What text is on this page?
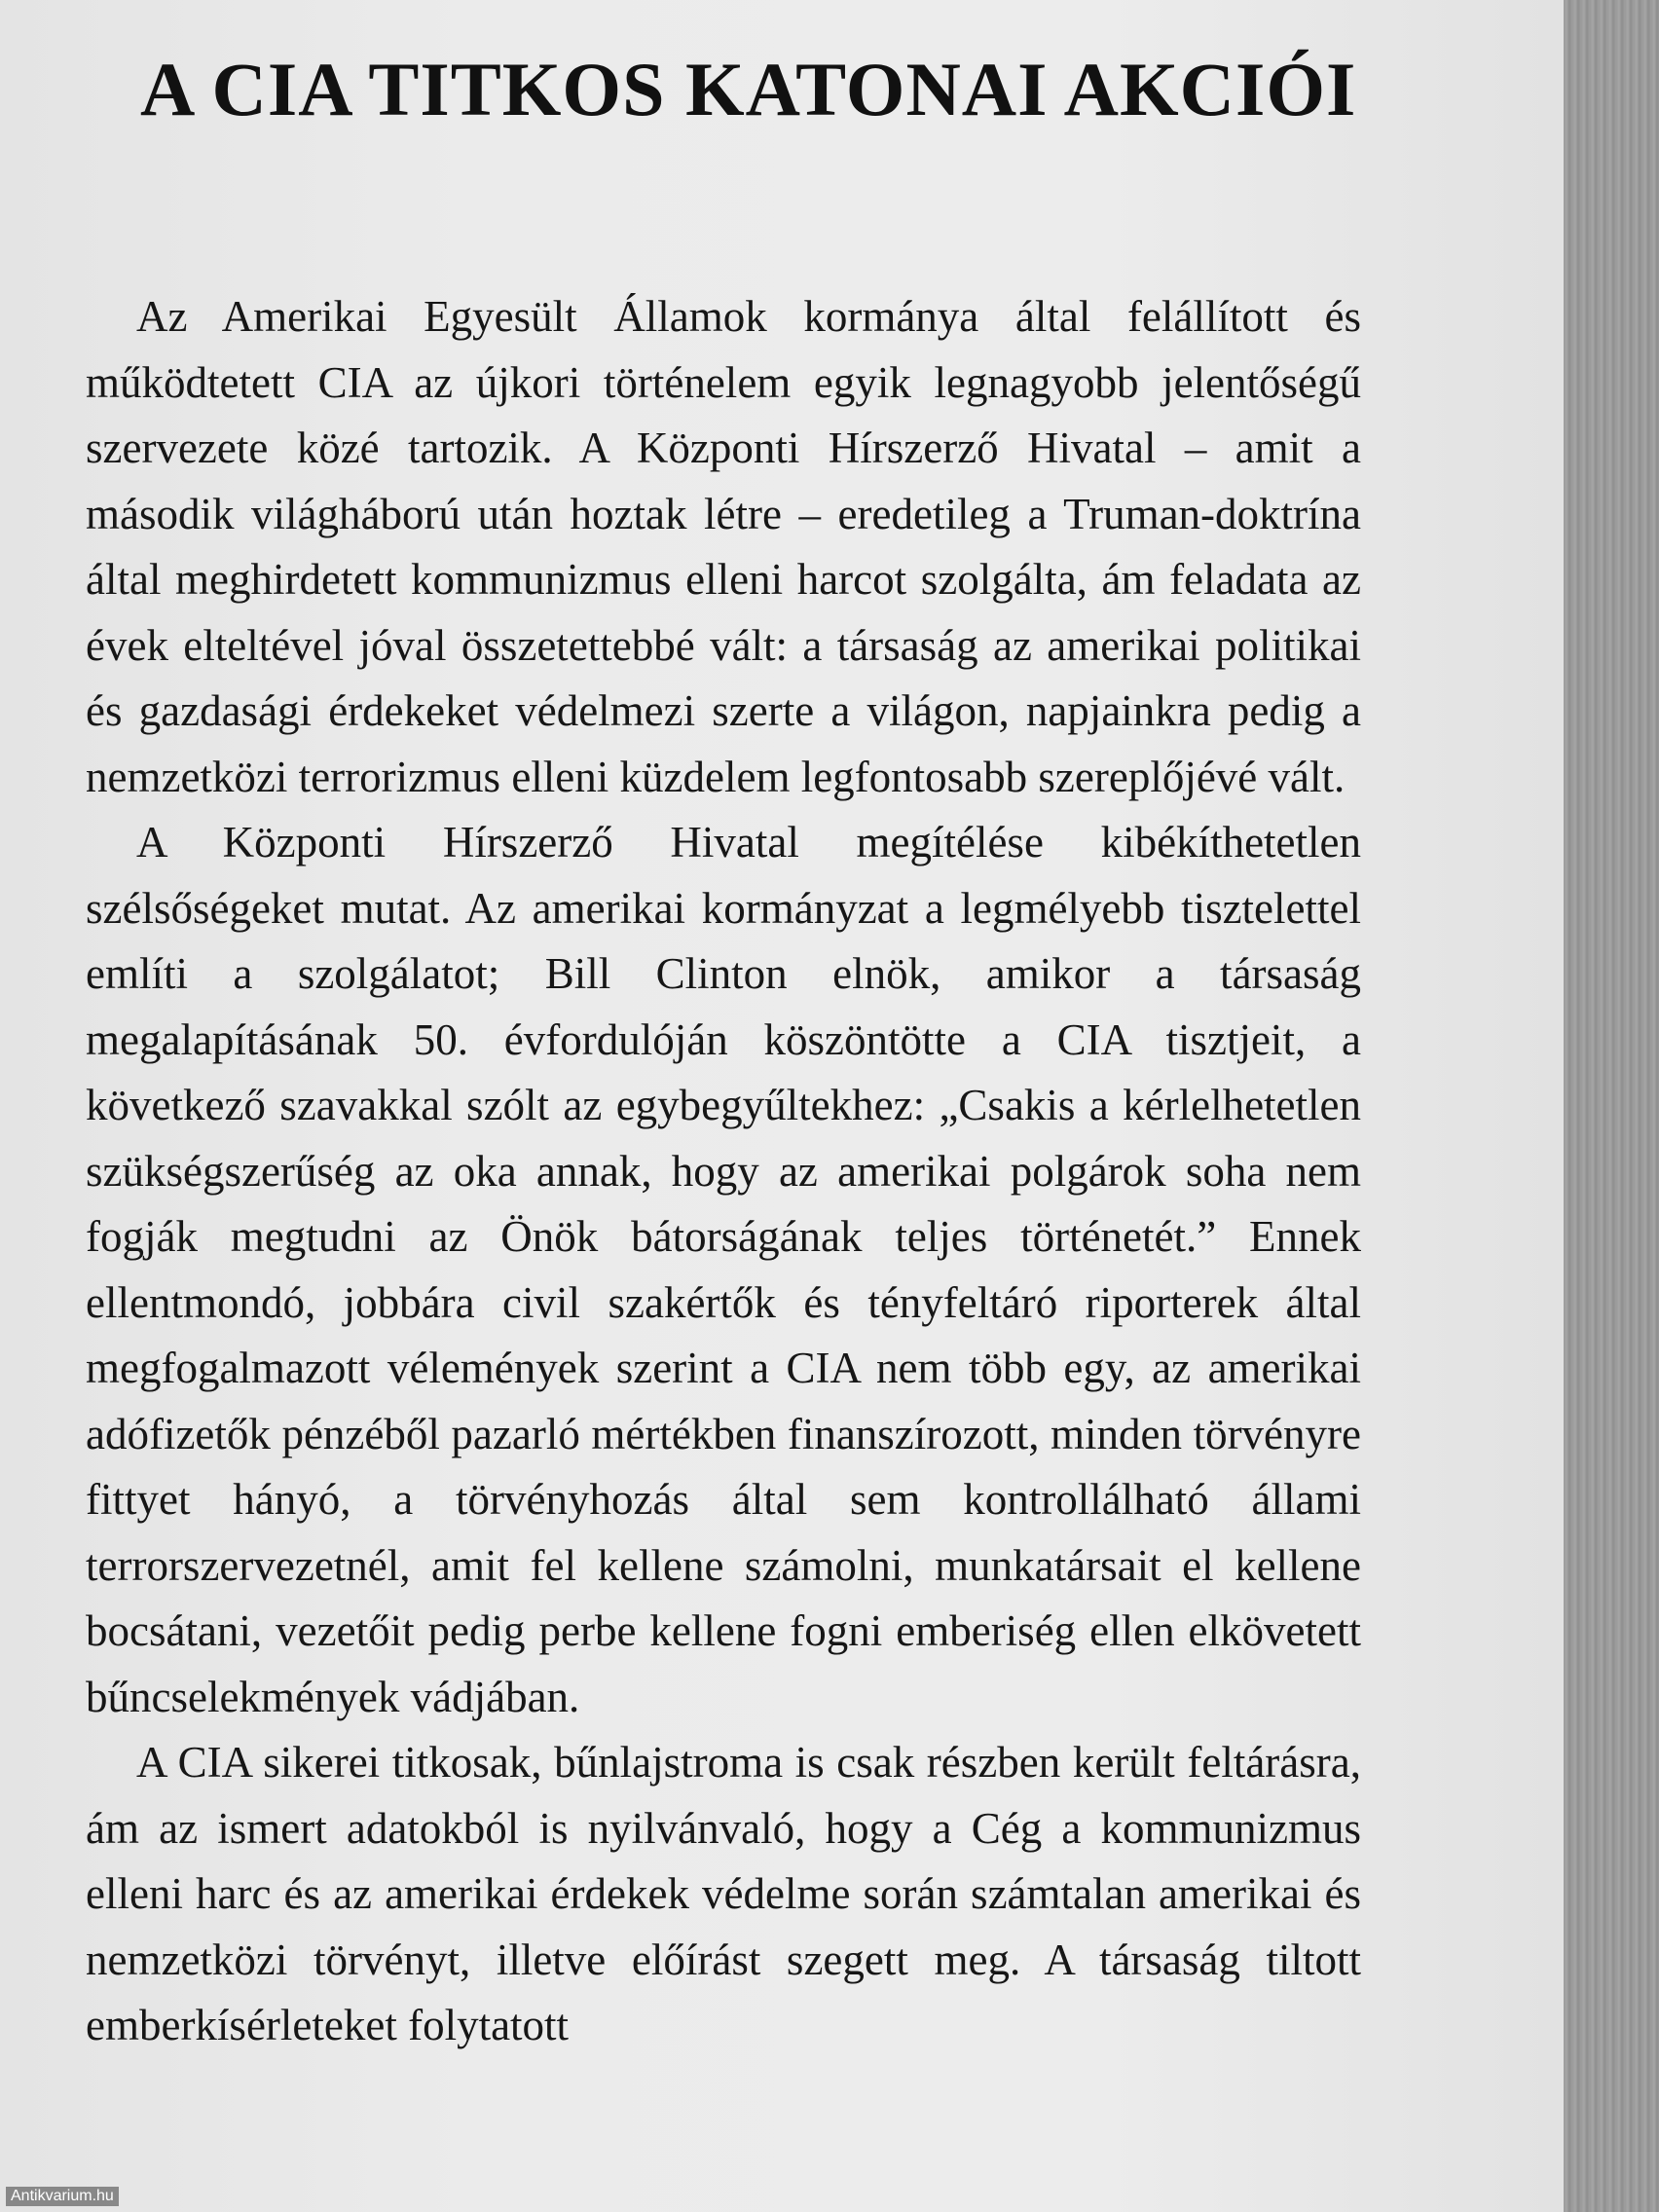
A CIA TITKOS KATONAI AKCIÓI

Az Amerikai Egyesült Államok kormánya által felállított és működtetett CIA az újkori történelem egyik legnagyobb jelentőségű szervezete közé tartozik. A Központi Hírszerző Hivatal – amit a második világháború után hoztak létre – eredetileg a Truman-doktrína által meghirdetett kommunizmus elleni harcot szolgálta, ám feladata az évek elteltével jóval összetettebbé vált: a társaság az amerikai politikai és gazdasági érdekeket védelmezi szerte a világon, napjainkra pedig a nemzetközi terrorizmus elleni küzdelem legfontosabb szereplőjévé vált.

A Központi Hírszerző Hivatal megítélése kibékíthetetlen szélsőségeket mutat. Az amerikai kormányzat a legmélyebb tisztelettel említi a szolgálatot; Bill Clinton elnök, amikor a társaság megalapításának 50. évfordulóján köszöntötte a CIA tisztjeit, a következő szavakkal szólt az egybegyűltekhez: „Csakis a kérlelhetetlen szükségszerűség az oka annak, hogy az amerikai polgárok soha nem fogják megtudni az Önök bátorságának teljes történetét.” Ennek ellentmondó, jobbára civil szakértők és tényfeltáró riporterek által megfogalmazott vélemények szerint a CIA nem több egy, az amerikai adófizetők pénzéből pazarló mértékben finanszírozott, minden törvényre fittyet hányó, a törvényhozás által sem kontrollálható állami terrorszervezetnél, amit fel kellene számolni, munkatársait el kellene bocsátani, vezetőit pedig perbe kellene fogni emberiség ellen elkövetett bűncselekmények vádjában.

A CIA sikerei titkosak, bűnlajstroma is csak részben került feltárásra, ám az ismert adatokból is nyilvánvaló, hogy a Cég a kommunizmus elleni harc és az amerikai érdekek védelme során számtalan amerikai és nemzetközi törvényt, illetve előírást szegett meg. A társaság tiltott emberkísérleteket folytatott

Antikvarium.hu
